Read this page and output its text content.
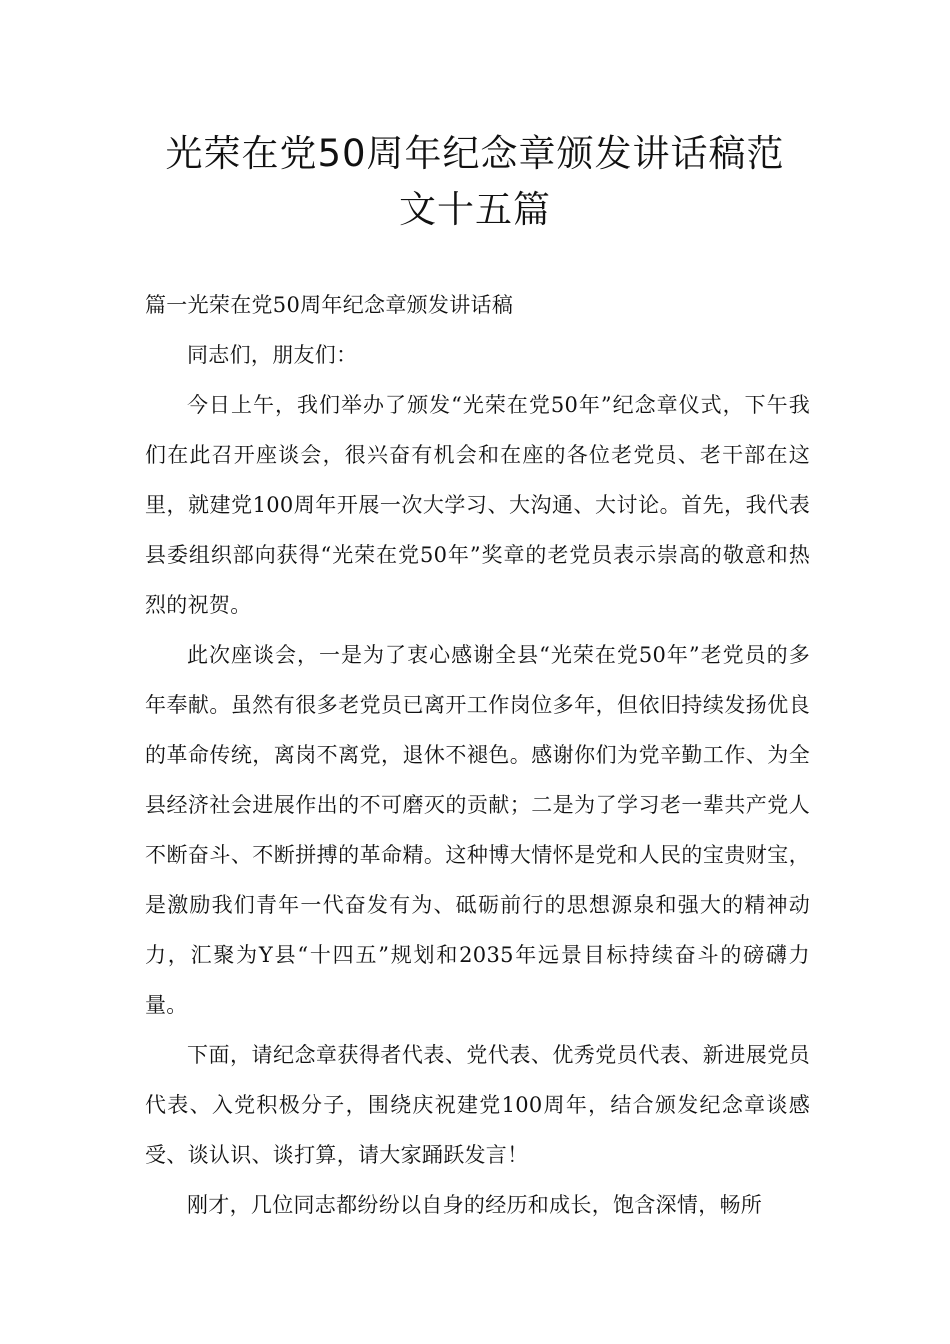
光荣在党50周年纪念章颁发讲话稿范
文十五篇

篇一光荣在党50周年纪念章颁发讲话稿

同志们，朋友们：

今日上午，我们举办了颁发“光荣在党50年”纪念章仪式，下午我们在此召开座谈会，很兴奋有机会和在座的各位老党员、老干部在这里，就建党100周年开展一次大学习、大沟通、大讨论。首先，我代表县委组织部向获得“光荣在党50年”奖章的老党员表示崇高的敬意和热烈的祝贺。

此次座谈会，一是为了衷心感谢全县“光荣在党50年”老党员的多年奉献。虽然有很多老党员已离开工作岗位多年，但依旧持续发扬优良的革命传统，离岗不离党，退休不褪色。感谢你们为党辛勤工作、为全县经济社会进展作出的不可磨灭的贡献；二是为了学习老一辈共产党人不断奋斗、不断拼搏的革命精。这种博大情怀是党和人民的宝贵财宝，是激励我们青年一代奋发有为、砥砺前行的思想源泉和强大的精神动力，汇聚为Y县“十四五”规划和2035年远景目标持续奋斗的磅礴力量。

下面，请纪念章获得者代表、党代表、优秀党员代表、新进展党员代表、入党积极分子，围绕庆祝建党100周年，结合颁发纪念章谈感受、谈认识、谈打算，请大家踊跃发言！

刚才，几位同志都纷纷以自身的经历和成长，饱含深情，畅所
